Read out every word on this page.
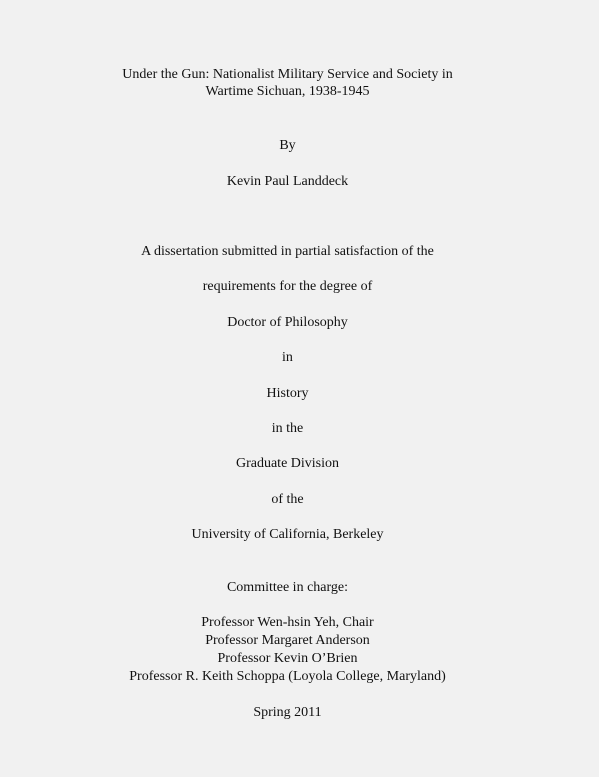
Under the Gun: Nationalist Military Service and Society in
Wartime Sichuan, 1938-1945
By
Kevin Paul Landdeck
A dissertation submitted in partial satisfaction of the
requirements for the degree of
Doctor of Philosophy
in
History
in the
Graduate Division
of the
University of California, Berkeley
Committee in charge:
Professor Wen-hsin Yeh, Chair
Professor Margaret Anderson
Professor Kevin O’Brien
Professor R. Keith Schoppa (Loyola College, Maryland)
Spring 2011
